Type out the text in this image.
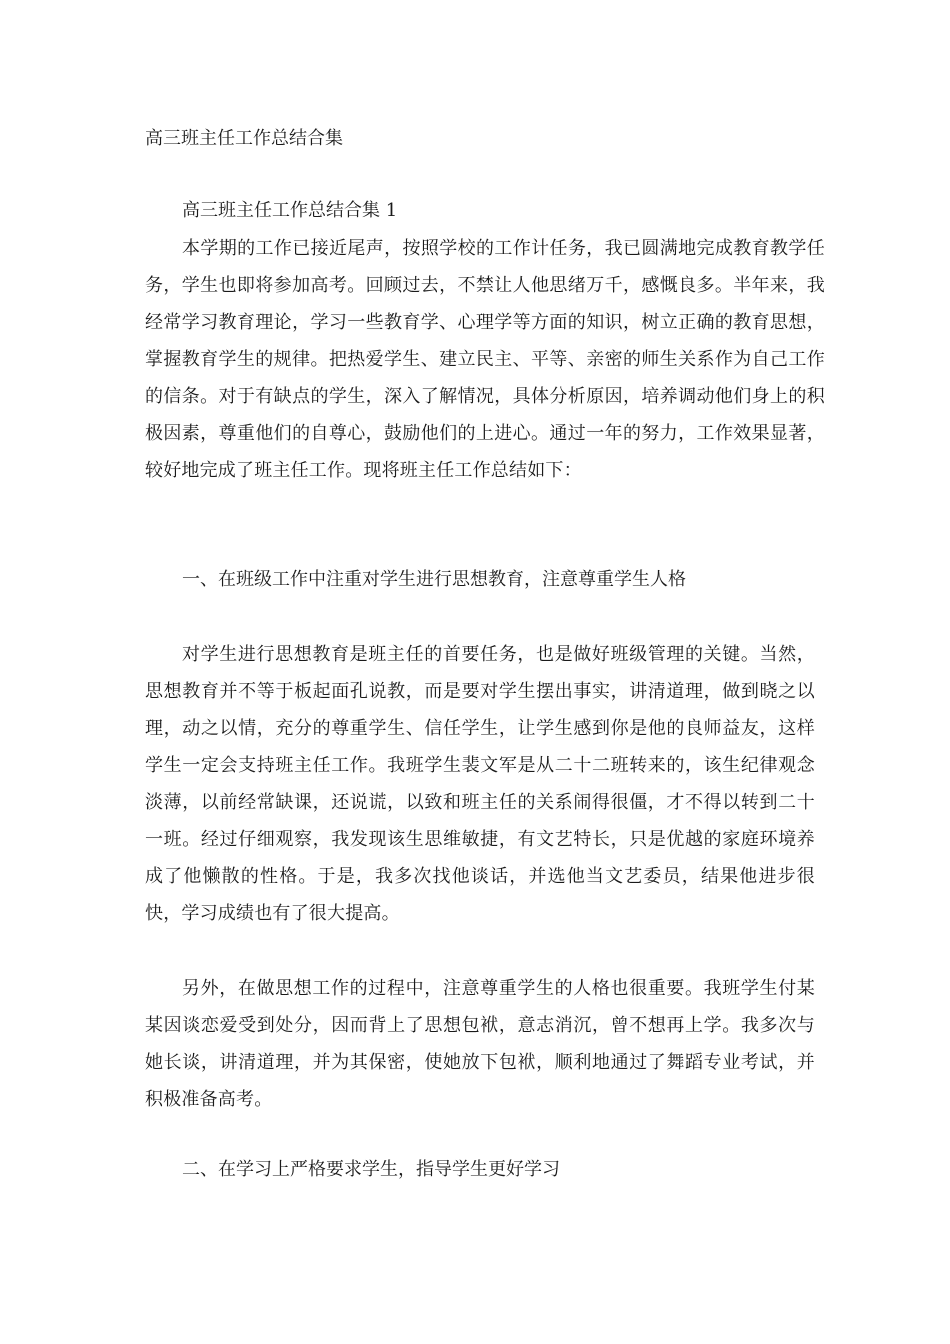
高三班主任工作总结合集
高三班主任工作总结合集 1

本学期的工作已接近尾声，按照学校的工作计任务，我已圆满地完成教育教学任务，学生也即将参加高考。回顾过去，不禁让人他思绪万千，感慨良多。半年来，我经常学习教育理论，学习一些教育学、心理学等方面的知识，树立正确的教育思想，掌握教育学生的规律。把热爱学生、建立民主、平等、亲密的师生关系作为自己工作的信条。对于有缺点的学生，深入了解情况，具体分析原因，培养调动他们身上的积极因素，尊重他们的自尊心，鼓励他们的上进心。通过一年的努力，工作效果显著，较好地完成了班主任工作。现将班主任工作总结如下：

一、在班级工作中注重对学生进行思想教育，注意尊重学生人格

对学生进行思想教育是班主任的首要任务，也是做好班级管理的关键。当然，思想教育并不等于板起面孔说教，而是要对学生摆出事实，讲清道理，做到晓之以理，动之以情，充分的尊重学生、信任学生，让学生感到你是他的良师益友，这样学生一定会支持班主任工作。我班学生裴文军是从二十二班转来的，该生纪律观念淡薄，以前经常缺课，还说谎，以致和班主任的关系闹得很僵，才不得以转到二十一班。经过仔细观察，我发现该生思维敏捷，有文艺特长，只是优越的家庭环境养成了他懒散的性格。于是，我多次找他谈话，并选他当文艺委员，结果他进步很快，学习成绩也有了很大提高。

另外，在做思想工作的过程中，注意尊重学生的人格也很重要。我班学生付某某因谈恋爱受到处分，因而背上了思想包袱，意志消沉，曾不想再上学。我多次与她长谈，讲清道理，并为其保密，使她放下包袱，顺利地通过了舞蹈专业考试，并积极准备高考。

二、在学习上严格要求学生，指导学生更好学习
